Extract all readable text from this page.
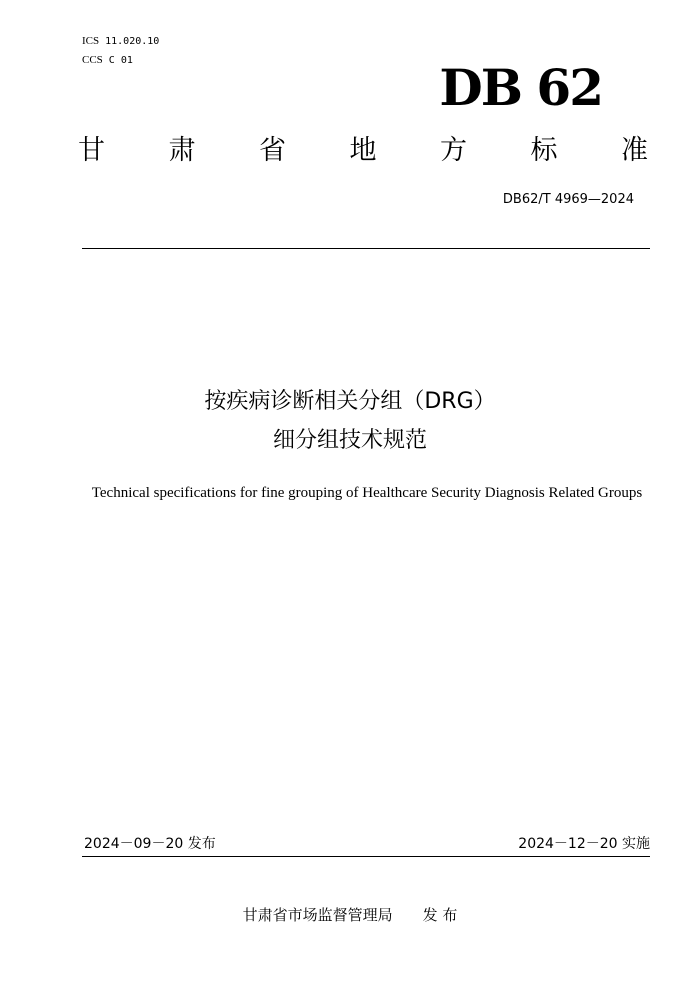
ICS 11.020.10
CCS C 01	DB 62
甘 肃 省 地 方 标 准
DB62/T 4969—2024
按疾病诊断相关分组（DRG）
细分组技术规范
Technical specifications for fine grouping of Healthcare Security Diagnosis Related Groups
2024－09－20 发布	2024－12－20 实施
甘肃省市场监督管理局 发 布
